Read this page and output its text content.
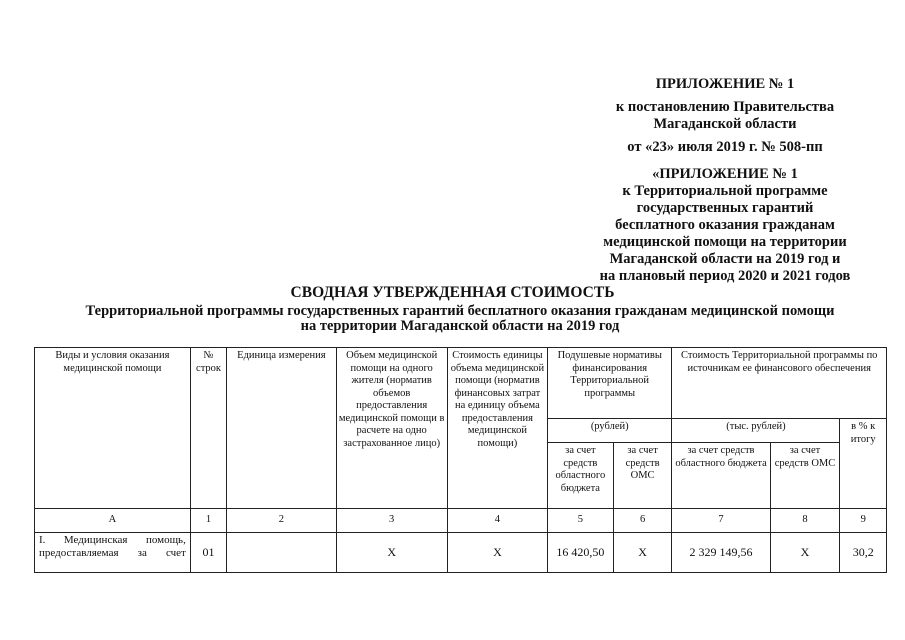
ПРИЛОЖЕНИЕ № 1
к постановлению Правительства
Магаданской области
от «23» июля 2019 г. № 508-пп
«ПРИЛОЖЕНИЕ № 1
к Территориальной программе
государственных гарантий
бесплатного оказания гражданам
медицинской помощи на территории
Магаданской области на 2019 год и
на плановый период 2020 и 2021 годов
СВОДНАЯ УТВЕРЖДЕННАЯ СТОИМОСТЬ
Территориальной программы государственных гарантий бесплатного оказания гражданам медицинской помощи
на территории Магаданской области на 2019 год
Виды и условия оказания медицинской помощи	№ строк	Единица измерения	Объем медицинской помощи на одного жителя (норматив объемов предоставления медицинской помощи в расчете на одно застрахованное лицо)	Стоимость единицы объема медицинской помощи (норматив финансовых затрат на единицу объема предоставления медицинской помощи)	Подушевые нормативы финансирования Территориальной программы		Стоимость Территориальной программы по источникам ее финансового обеспечения		
					(рублей)		(тыс. рублей)		в % к итогу
					за счет средств областного бюджета	за счет средств ОМС	за счет средств областного бюджета	за счет средств ОМС	
А	1	2	3	4	5	6	7	8	9
I. Медицинская помощь, предоставляемая за счет	01		Х	Х	16 420,50	Х	2 329 149,56	Х	30,2
